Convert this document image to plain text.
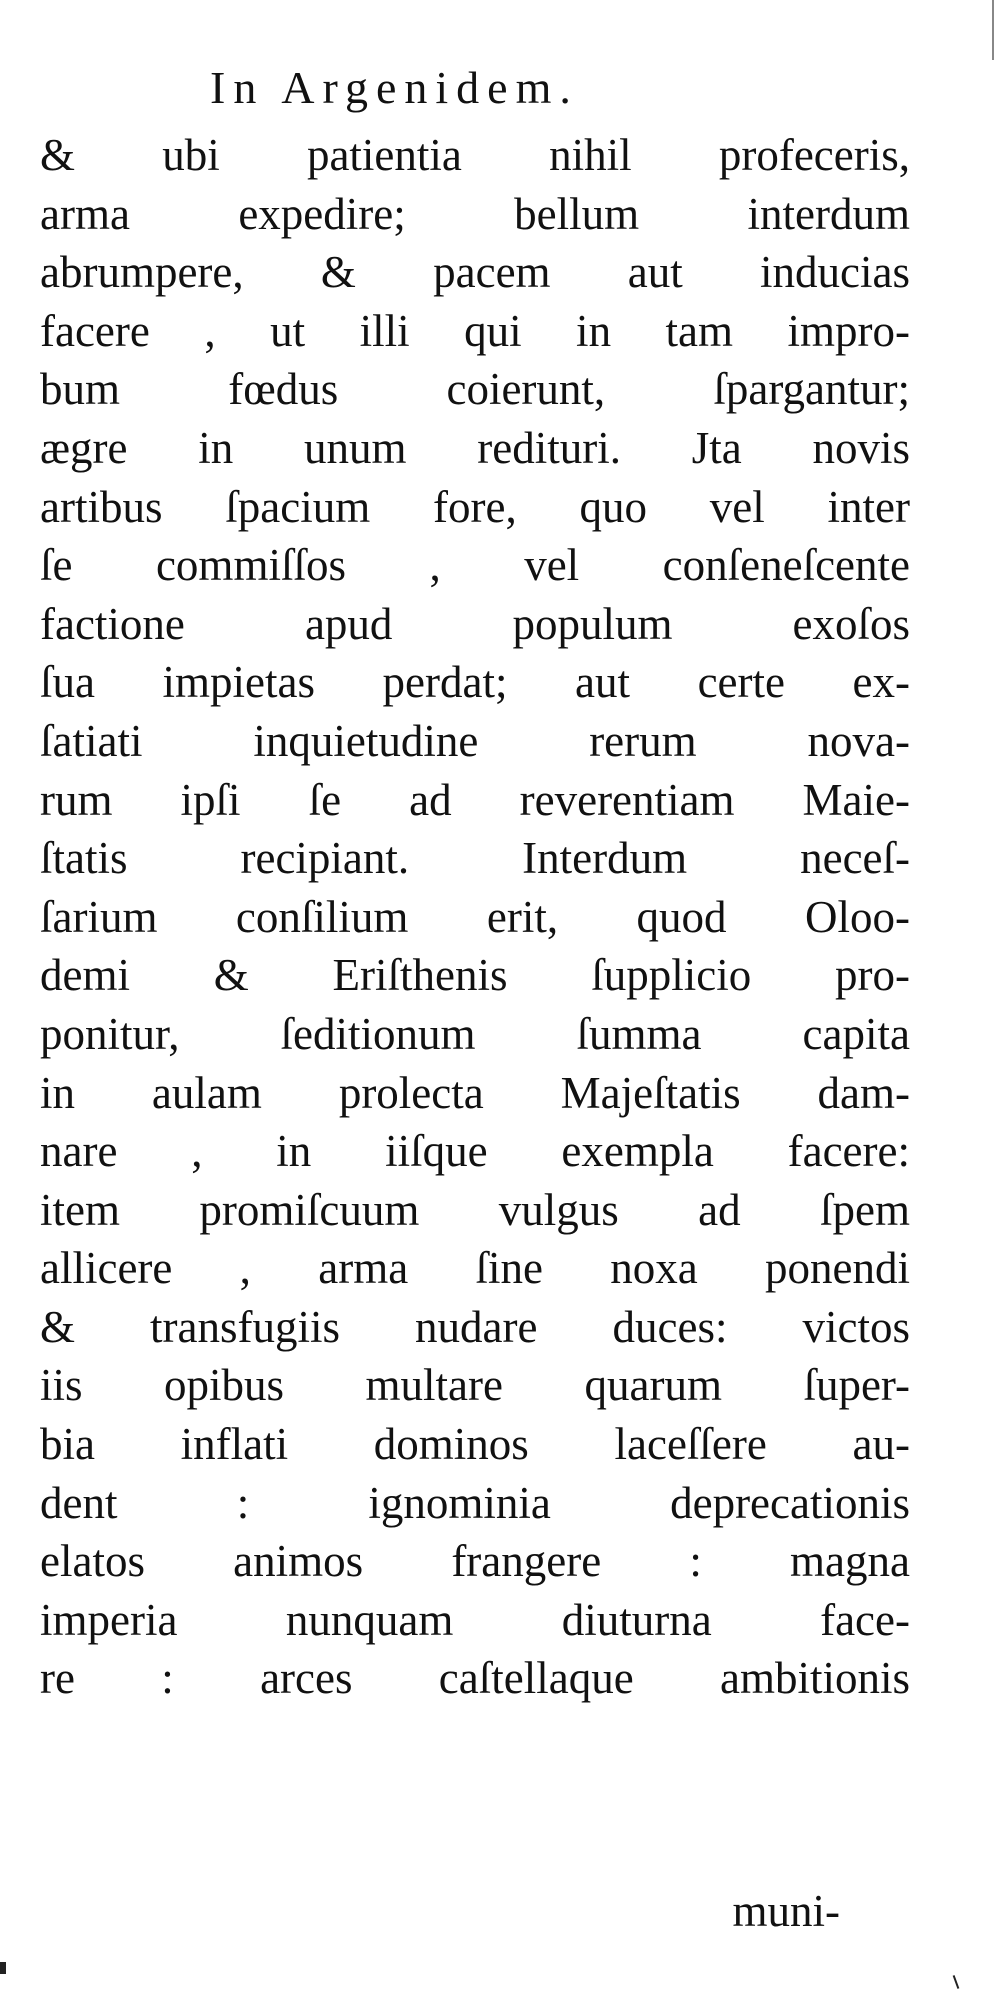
In Argenidem.
& ubi patientia nihil profeceris,
arma expedire; bellum interdum
abrumpere, & pacem aut inducias
facere , ut illi qui in tam impro-
bum fœdus coierunt, ſpargantur;
ægre in unum redituri. Jta novis
artibus ſpacium fore, quo vel inter
ſe commiſſos , vel conſeneſcente
factione apud populum exoſos
ſua impietas perdat; aut certe ex-
ſatiati inquietudine rerum nova-
rum ipſi ſe ad reverentiam Maie-
ſtatis recipiant. Interdum neceſ-
ſarium conſilium erit, quod Oloo-
demi & Eriſthenis ſupplicio pro-
ponitur, ſeditionum ſumma capita
in aulam prolecta Majeſtatis dam-
nare , in iiſque exempla facere:
item promiſcuum vulgus ad ſpem
allicere , arma ſine noxa ponendi
& transfugiis nudare duces: victos
iis opibus multare quarum ſuper-
bia inflati dominos laceſſere au-
dent : ignominia deprecationis
elatos animos frangere : magna
imperia nunquam diuturna face-
re : arces caſtellaque ambitionis
muni-
